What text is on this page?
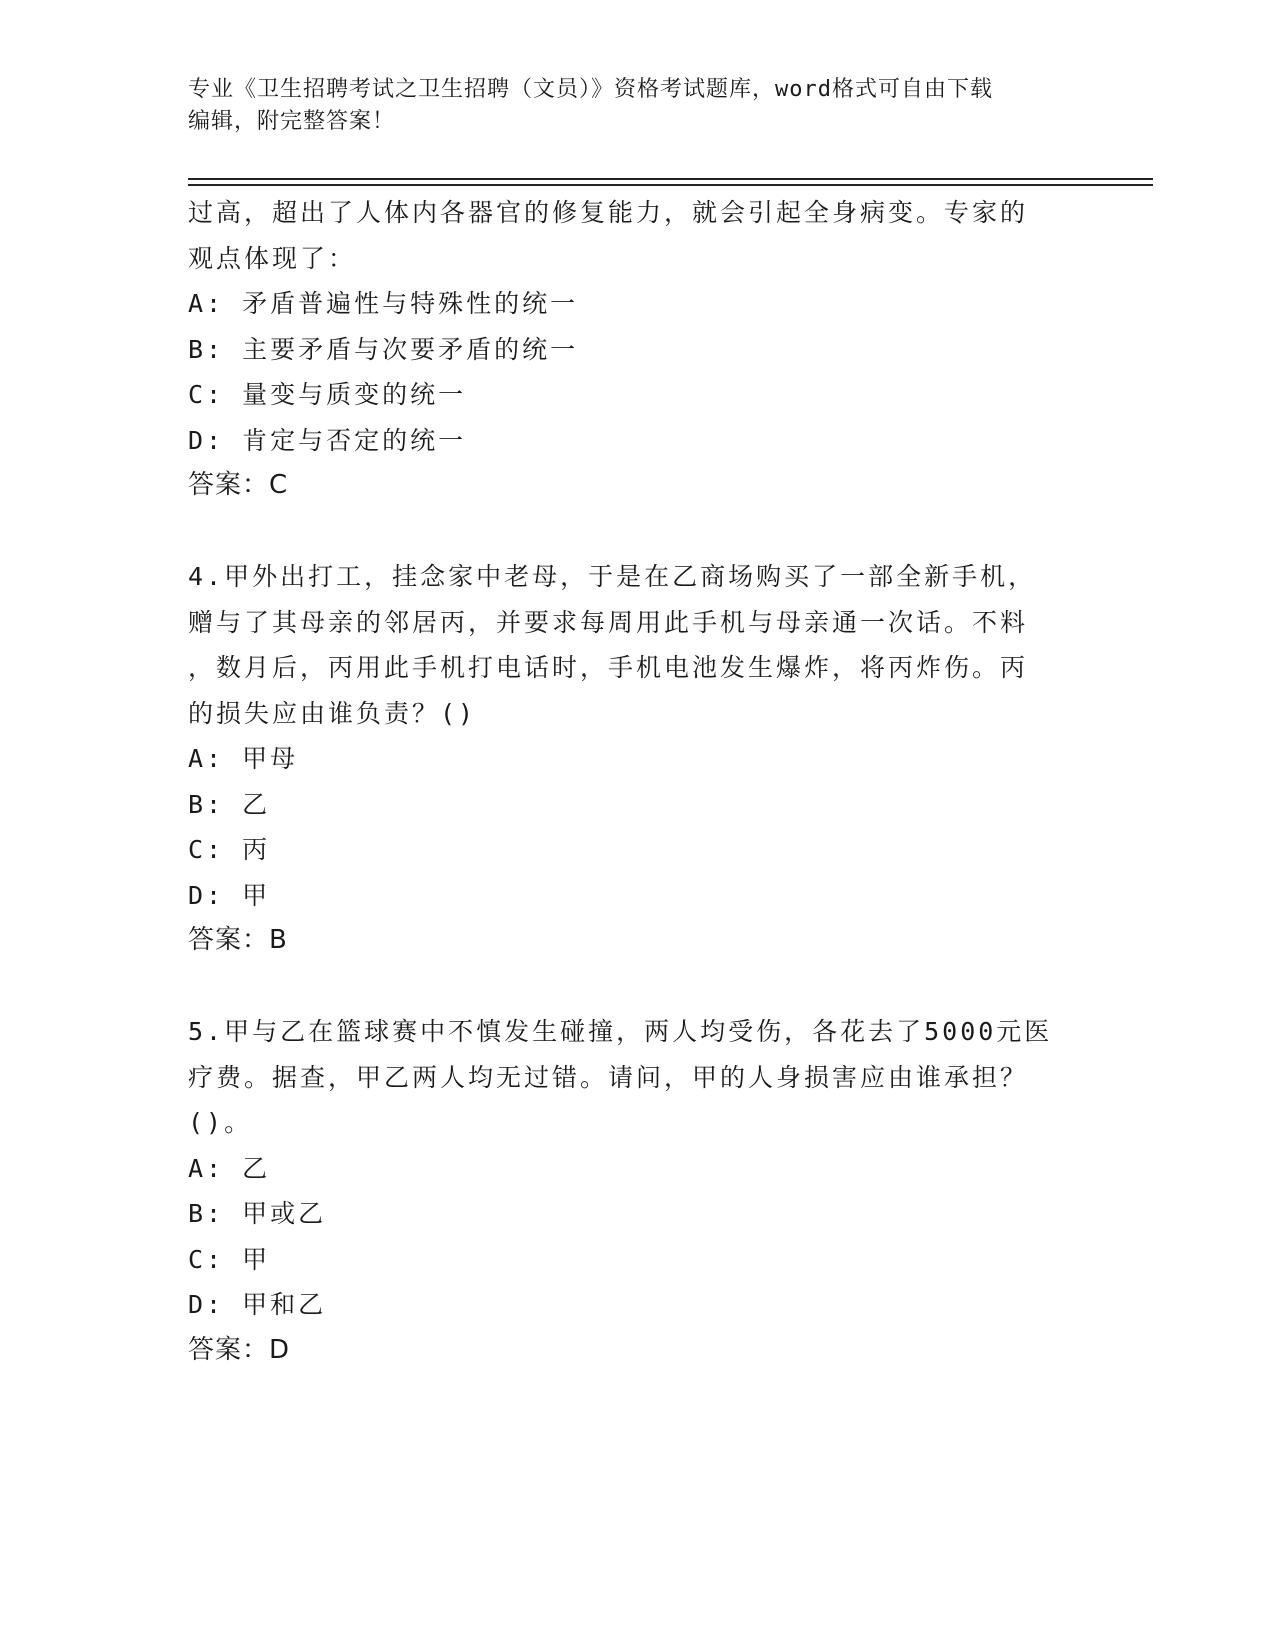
专业《卫生招聘考试之卫生招聘（文员）》资格考试题库，word格式可自由下载
编辑，附完整答案！
过高，超出了人体内各器官的修复能力，就会引起全身病变。专家的
观点体现了：
A: 矛盾普遍性与特殊性的统一
B: 主要矛盾与次要矛盾的统一
C: 量变与质变的统一
D: 肯定与否定的统一
答案：C
4.甲外出打工，挂念家中老母，于是在乙商场购买了一部全新手机，
赠与了其母亲的邻居丙，并要求每周用此手机与母亲通一次话。不料
，数月后，丙用此手机打电话时，手机电池发生爆炸，将丙炸伤。丙
的损失应由谁负责？()
A: 甲母
B: 乙
C: 丙
D: 甲
答案：B
5.甲与乙在篮球赛中不慎发生碰撞，两人均受伤，各花去了5000元医
疗费。据查，甲乙两人均无过错。请问，甲的人身损害应由谁承担？
()。
A: 乙
B: 甲或乙
C: 甲
D: 甲和乙
答案：D
